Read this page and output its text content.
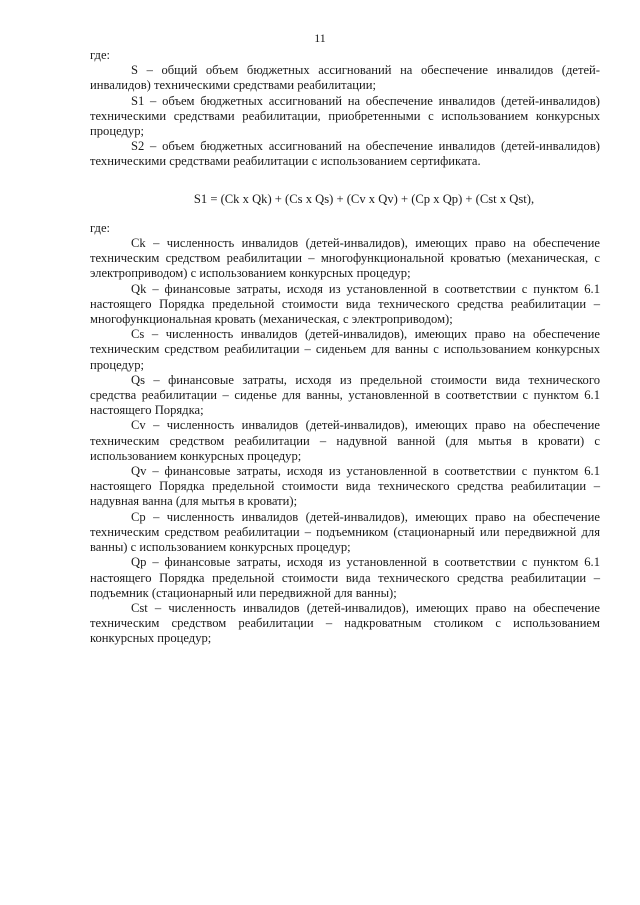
11

где:

S – общий объем бюджетных ассигнований на обеспечение инвалидов (детей-инвалидов) техническими средствами реабилитации;

S1 – объем бюджетных ассигнований на обеспечение инвалидов (детей-инвалидов) техническими средствами реабилитации, приобретенными с использованием конкурсных процедур;

S2 – объем бюджетных ассигнований на обеспечение инвалидов (детей-инвалидов) техническими средствами реабилитации с использованием сертификата.

S1 = (Ck x Qk) + (Cs x Qs) + (Cv x Qv) + (Cp x Qp) + (Cst x Qst),

где:

Ck – численность инвалидов (детей-инвалидов), имеющих право на обеспечение техническим средством реабилитации – многофункциональной кроватью (механическая, с электроприводом) с использованием конкурсных процедур;

Qk – финансовые затраты, исходя из установленной в соответствии с пунктом 6.1 настоящего Порядка предельной стоимости вида технического средства реабилитации – многофункциональная кровать (механическая, с электроприводом);

Cs – численность инвалидов (детей-инвалидов), имеющих право на обеспечение техническим средством реабилитации – сиденьем для ванны с использованием конкурсных процедур;

Qs – финансовые затраты, исходя из предельной стоимости вида технического средства реабилитации – сиденье для ванны, установленной в соответствии с пунктом 6.1 настоящего Порядка;

Cv – численность инвалидов (детей-инвалидов), имеющих право на обеспечение техническим средством реабилитации – надувной ванной (для мытья в кровати) с использованием конкурсных процедур;

Qv – финансовые затраты, исходя из установленной в соответствии с пунктом 6.1 настоящего Порядка предельной стоимости вида технического средства реабилитации – надувная ванна (для мытья в кровати);

Cp – численность инвалидов (детей-инвалидов), имеющих право на обеспечение техническим средством реабилитации – подъемником (стационарный или передвижной для ванны) с использованием конкурсных процедур;

Qp – финансовые затраты, исходя из установленной в соответствии с пунктом 6.1 настоящего Порядка предельной стоимости вида технического средства реабилитации – подъемник (стационарный или передвижной для ванны);

Cst – численность инвалидов (детей-инвалидов), имеющих право на обеспечение техническим средством реабилитации – надкроватным столиком с использованием конкурсных процедур;
